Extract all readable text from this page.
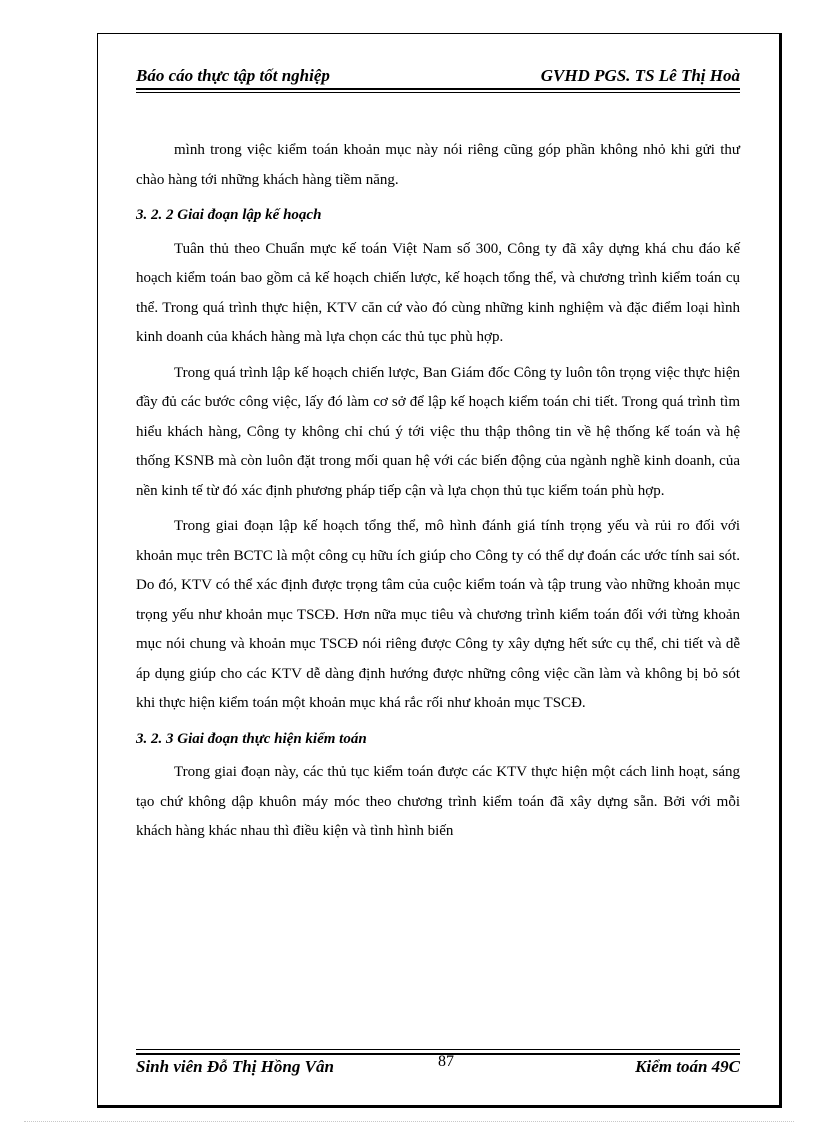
Báo cáo thực tập tốt nghiệp	GVHD PGS. TS Lê Thị Hoà

mình trong việc kiểm toán khoản mục này nói riêng cũng góp phần không nhỏ khi gửi thư chào hàng tới những khách hàng tiềm năng.

3. 2. 2 Giai đoạn lập kế hoạch

Tuân thủ theo Chuẩn mực kế toán Việt Nam số 300, Công ty đã xây dựng khá chu đáo kế hoạch kiểm toán bao gồm cả kế hoạch chiến lược, kế hoạch tổng thể, và chương trình kiểm toán cụ thể. Trong quá trình thực hiện, KTV căn cứ vào đó cùng những kinh nghiệm và đặc điểm loại hình kinh doanh của khách hàng mà lựa chọn các thủ tục phù hợp.

Trong quá trình lập kế hoạch chiến lược, Ban Giám đốc Công ty luôn tôn trọng việc thực hiện đầy đủ các bước công việc, lấy đó làm cơ sở để lập kế hoạch kiểm toán chi tiết. Trong quá trình tìm hiểu khách hàng, Công ty không chỉ chú ý tới việc thu thập thông tin về hệ thống kế toán và hệ thống KSNB mà còn luôn đặt trong mối quan hệ với các biến động của ngành nghề kinh doanh, của nền kinh tế từ đó xác định phương pháp tiếp cận và lựa chọn thủ tục kiểm toán phù hợp.

Trong giai đoạn lập kế hoạch tổng thể, mô hình đánh giá tính trọng yếu và rủi ro đối với khoản mục trên BCTC là một công cụ hữu ích giúp cho Công ty có thể dự đoán các ước tính sai sót. Do đó, KTV có thể xác định được trọng tâm của cuộc kiểm toán và tập trung vào những khoản mục trọng yếu như khoản mục TSCĐ. Hơn nữa mục tiêu và chương trình kiểm toán đối với từng khoản mục nói chung và khoản mục TSCĐ nói riêng được Công ty xây dựng hết sức cụ thể, chi tiết và dễ áp dụng giúp cho các KTV dễ dàng định hướng được những công việc cần làm và không bị bỏ sót khi thực hiện kiểm toán một khoản mục khá rắc rối như khoản mục TSCĐ.

3. 2. 3 Giai đoạn thực hiện kiểm toán

Trong giai đoạn này, các thủ tục kiểm toán được các KTV thực hiện một cách linh hoạt, sáng tạo chứ không dập khuôn máy móc theo chương trình kiểm toán đã xây dựng sẵn. Bởi với mỗi khách hàng khác nhau thì điều kiện và tình hình biến

Sinh viên Đỗ Thị Hồng Vân	87	Kiểm toán 49C
